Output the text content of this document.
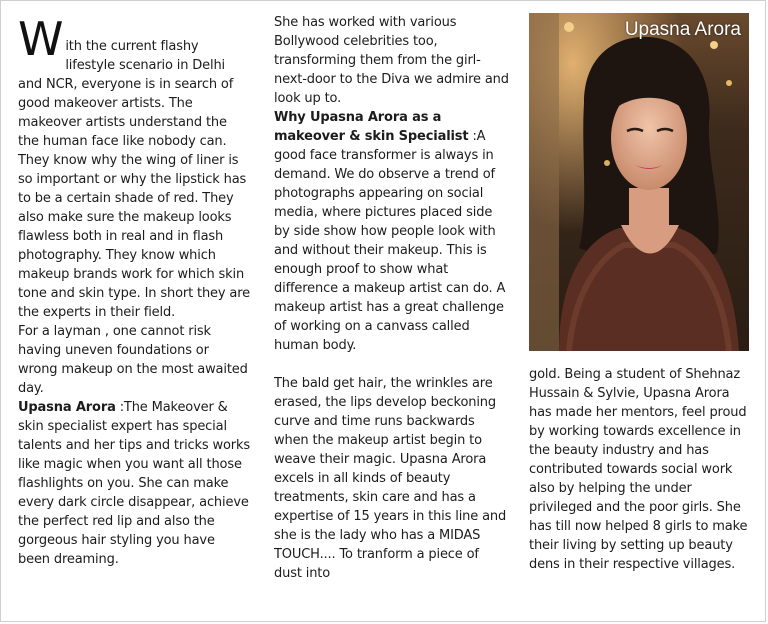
W ith the current flashy lifestyle scenario in Delhi and NCR, everyone is in search of good makeover artists. The makeover artists understand the the human face like nobody can. They know why the wing of liner is so important or why the lipstick has to be a certain shade of red. They also make sure the makeup looks flawless both in real and in flash photography. They know which makeup brands work for which skin tone and skin type. In short they are the experts in their field.

For a layman , one cannot risk having uneven foundations or wrong makeup on the most awaited day.

Upasna Arora :The Makeover & skin specialist expert has special talents and her tips and tricks works like magic when you want all those flashlights on you. She can make every dark circle disappear, achieve the perfect red lip and also the gorgeous hair styling you have been dreaming.

She has worked with various Bollywood celebrities too, transforming them from the girl-next-door to the Diva we admire and look up to.

Why Upasna Arora as a makeover & skin Specialist :A good face transformer is always in demand. We do observe a trend of photographs appearing on social media, where pictures placed side by side show how people look with and without their makeup. This is enough proof to show what difference a makeup artist can do. A makeup artist has a great challenge of working on a canvass called human body.

The bald get hair, the wrinkles are erased, the lips develop beckoning curve and time runs backwards when the makeup artist begin to weave their magic. Upasna Arora excels in all kinds of beauty treatments, skin care and has a expertise of 15 years in this line and she is the lady who has a MIDAS TOUCH.... To tranform a piece of dust into

Upasna Arora

gold. Being a student of Shehnaz Hussain & Sylvie, Upasna Arora has made her mentors, feel proud by working towards excellence in the beauty industry and has contributed towards social work also by helping the under privileged and the poor girls. She has till now helped 8 girls to make their living by setting up beauty dens in their respective villages.
